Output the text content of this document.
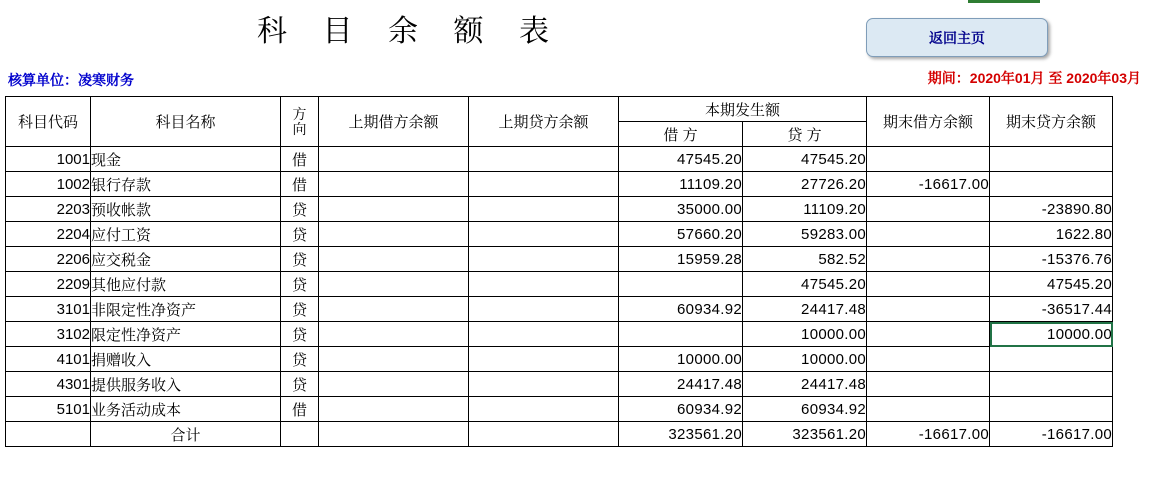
科 目 余 额 表	返回主页
核算单位：凌寒财务	期间：2020年01月 至 2020年03月
科目代码	科目名称	方
向	上期借方余额	上期贷方余额	本期发生额		期末借方余额	期末贷方余额
					借 方	贷 方		
1001	现金	借			47545.20	47545.20		
1002	银行存款	借			11109.20	27726.20	-16617.00	
2203	预收帐款	贷			35000.00	11109.20		-23890.80
2204	应付工资	贷			57660.20	59283.00		1622.80
2206	应交税金	贷			15959.28	582.52		-15376.76
2209	其他应付款	贷				47545.20		47545.20
3101	非限定性净资产	贷			60934.92	24417.48		-36517.44
3102	限定性净资产	贷				10000.00		10000.00
4101	捐赠收入	贷			10000.00	10000.00		
4301	提供服务收入	贷			24417.48	24417.48		
5101	业务活动成本	借			60934.92	60934.92		
	合计				323561.20	323561.20	-16617.00	-16617.00
